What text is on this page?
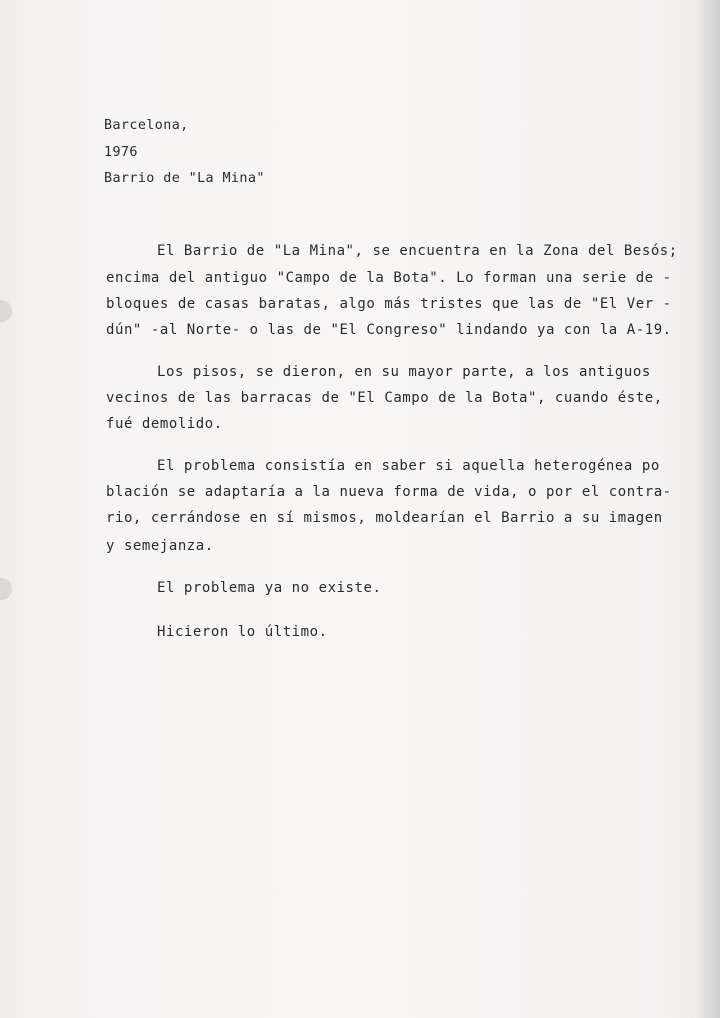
Barcelona,
1976
Barrio de "La Mina"
El Barrio de "La Mina", se encuentra en la Zona del Besós;
encima del antiguo "Campo de la Bota". Lo forman una serie de -
bloques de casas baratas, algo más tristes que las de "El Ver -
dún" -al Norte- o las de "El Congreso" lindando ya con la A-19.
Los pisos, se dieron, en su mayor parte, a los antiguos
vecinos de las barracas de "El Campo de la Bota", cuando éste,
fué demolido.
El problema consistía en saber si aquella heterogénea po
blación se adaptaría a la nueva forma de vida, o por el contra-
rio, cerrándose en sí mismos, moldearían el Barrio a su imagen
y semejanza.
El problema ya no existe.
Hicieron lo último.
